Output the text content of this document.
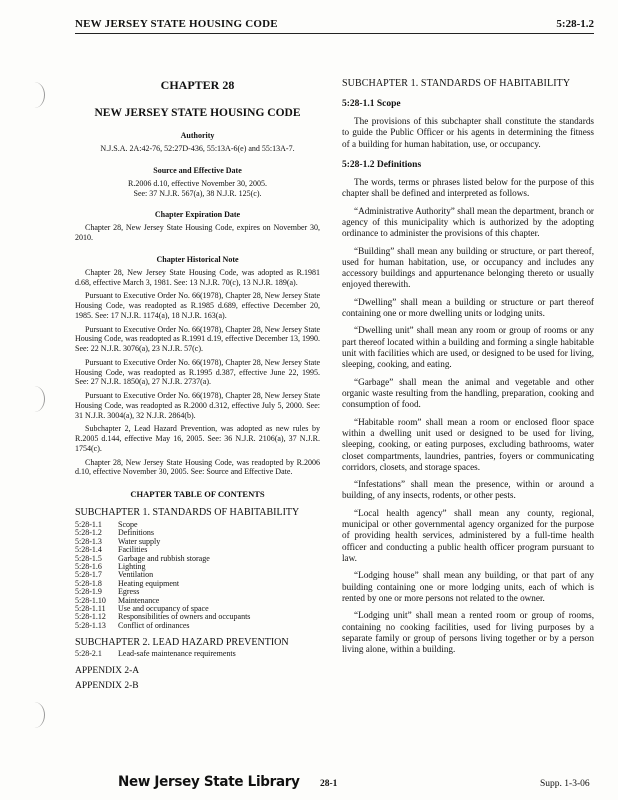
NEW JERSEY STATE HOUSING CODE	5:28-1.2

CHAPTER 28

NEW JERSEY STATE HOUSING CODE

Authority

N.J.S.A. 2A:42-76, 52:27D-436, 55:13A-6(e) and 55:13A-7.

Source and Effective Date

R.2006 d.10, effective November 30, 2005.

See: 37 N.J.R. 567(a), 38 N.J.R. 125(c).

Chapter Expiration Date

Chapter 28, New Jersey State Housing Code, expires on November 30, 2010.

Chapter Historical Note

Chapter 28, New Jersey State Housing Code, was adopted as R.1981 d.68, effective March 3, 1981. See: 13 N.J.R. 70(c), 13 N.J.R. 189(a).

Pursuant to Executive Order No. 66(1978), Chapter 28, New Jersey State Housing Code, was readopted as R.1985 d.689, effective December 20, 1985. See: 17 N.J.R. 1174(a), 18 N.J.R. 163(a).

Pursuant to Executive Order No. 66(1978), Chapter 28, New Jersey State Housing Code, was readopted as R.1991 d.19, effective December 13, 1990. See: 22 N.J.R. 3076(a), 23 N.J.R. 57(c).

Pursuant to Executive Order No. 66(1978), Chapter 28, New Jersey State Housing Code, was readopted as R.1995 d.387, effective June 22, 1995. See: 27 N.J.R. 1850(a), 27 N.J.R. 2737(a).

Pursuant to Executive Order No. 66(1978), Chapter 28, New Jersey State Housing Code, was readopted as R.2000 d.312, effective July 5, 2000. See: 31 N.J.R. 3004(a), 32 N.J.R. 2864(b).

Subchapter 2, Lead Hazard Prevention, was adopted as new rules by R.2005 d.144, effective May 16, 2005. See: 36 N.J.R. 2106(a), 37 N.J.R. 1754(c).

Chapter 28, New Jersey State Housing Code, was readopted by R.2006 d.10, effective November 30, 2005. See: Source and Effective Date.

CHAPTER TABLE OF CONTENTS

SUBCHAPTER 1. STANDARDS OF HABITABILITY

5:28-1.1	Scope
5:28-1.2	Definitions
5:28-1.3	Water supply
5:28-1.4	Facilities
5:28-1.5	Garbage and rubbish storage
5:28-1.6	Lighting
5:28-1.7	Ventilation
5:28-1.8	Heating equipment
5:28-1.9	Egress
5:28-1.10	Maintenance
5:28-1.11	Use and occupancy of space
5:28-1.12	Responsibilities of owners and occupants
5:28-1.13	Conflict of ordinances

SUBCHAPTER 2. LEAD HAZARD PREVENTION

5:28-2.1	Lead-safe maintenance requirements

APPENDIX 2-A

APPENDIX 2-B

SUBCHAPTER 1. STANDARDS OF HABITABILITY

5:28-1.1 Scope

The provisions of this subchapter shall constitute the standards to guide the Public Officer or his agents in determining the fitness of a building for human habitation, use, or occupancy.

5:28-1.2 Definitions

The words, terms or phrases listed below for the purpose of this chapter shall be defined and interpreted as follows.

“Administrative Authority” shall mean the department, branch or agency of this municipality which is authorized by the adopting ordinance to administer the provisions of this chapter.

“Building” shall mean any building or structure, or part thereof, used for human habitation, use, or occupancy and includes any accessory buildings and appurtenance belonging thereto or usually enjoyed therewith.

“Dwelling” shall mean a building or structure or part thereof containing one or more dwelling units or lodging units.

“Dwelling unit” shall mean any room or group of rooms or any part thereof located within a building and forming a single habitable unit with facilities which are used, or designed to be used for living, sleeping, cooking, and eating.

“Garbage” shall mean the animal and vegetable and other organic waste resulting from the handling, preparation, cooking and consumption of food.

“Habitable room” shall mean a room or enclosed floor space within a dwelling unit used or designed to be used for living, sleeping, cooking, or eating purposes, excluding bathrooms, water closet compartments, laundries, pantries, foyers or communicating corridors, closets, and storage spaces.

“Infestations” shall mean the presence, within or around a building, of any insects, rodents, or other pests.

“Local health agency” shall mean any county, regional, municipal or other governmental agency organized for the purpose of providing health services, administered by a full-time health officer and conducting a public health officer program pursuant to law.

“Lodging house” shall mean any building, or that part of any building containing one or more lodging units, each of which is rented by one or more persons not related to the owner.

“Lodging unit” shall mean a rented room or group of rooms, containing no cooking facilities, used for living purposes by a separate family or group of persons living together or by a person living alone, within a building.

New Jersey State Library 28-1	Supp. 1-3-06
